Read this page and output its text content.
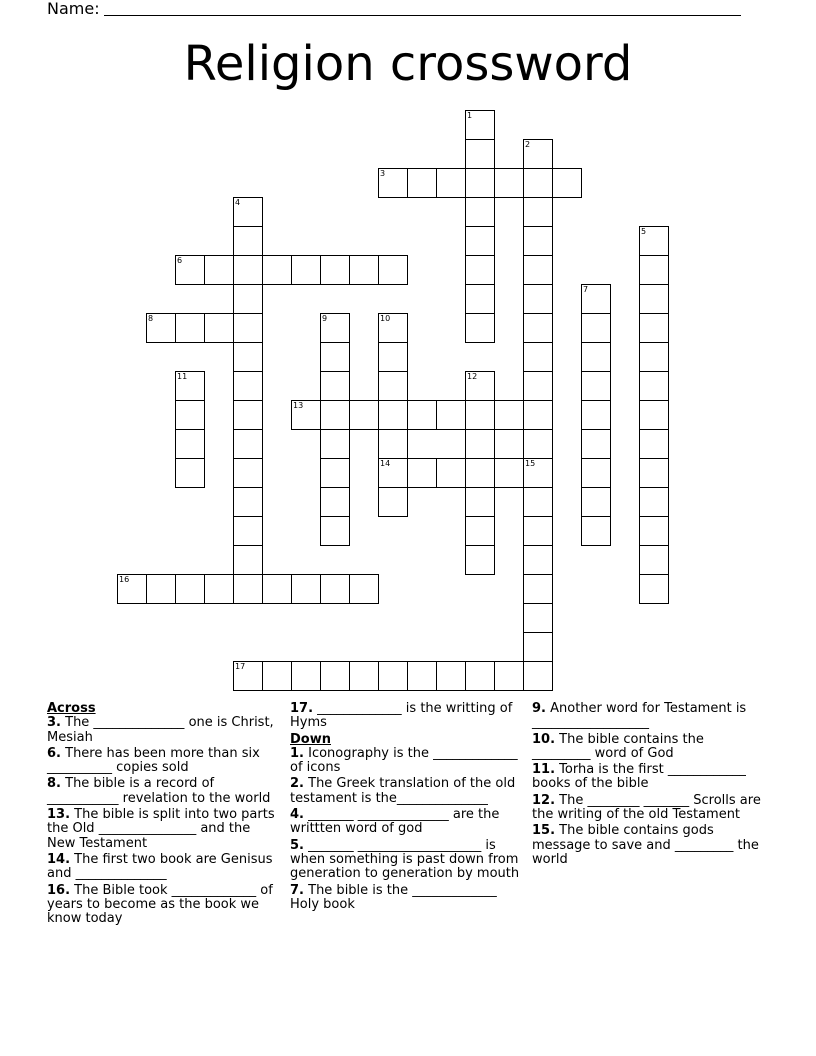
Name:
Religion crossword
1
2
3
4
5
6
7
8	9	10
14
11	12
13
15
16
17
Across
3. The ______________ one is Christ, Mesiah
6. There has been more than six __________ copies sold
8. The bible is a record of ___________ revelation to the world
13. The bible is split into two parts the Old _______________ and the New Testament
14. The first two book are Genisus and ______________
16. The Bible took _____________ of years to become as the book we know today
17. _____________ is the writting of Hyms
Down
1. Iconography is the _____________ of icons
2. The Greek translation of the old testament is the______________
4. _______ ______________ are the writtten word of god
5. _______ ___________________ is when something is past down from generation to generation by mouth
7. The bible is the _____________ Holy book
9. Another word for Testament is __________________
10. The bible contains the _________ word of God
11. Torha is the first ____________ books of the bible
12. The ________ _______ Scrolls are the writing of the old Testament
15. The bible contains gods message to save and _________ the world
